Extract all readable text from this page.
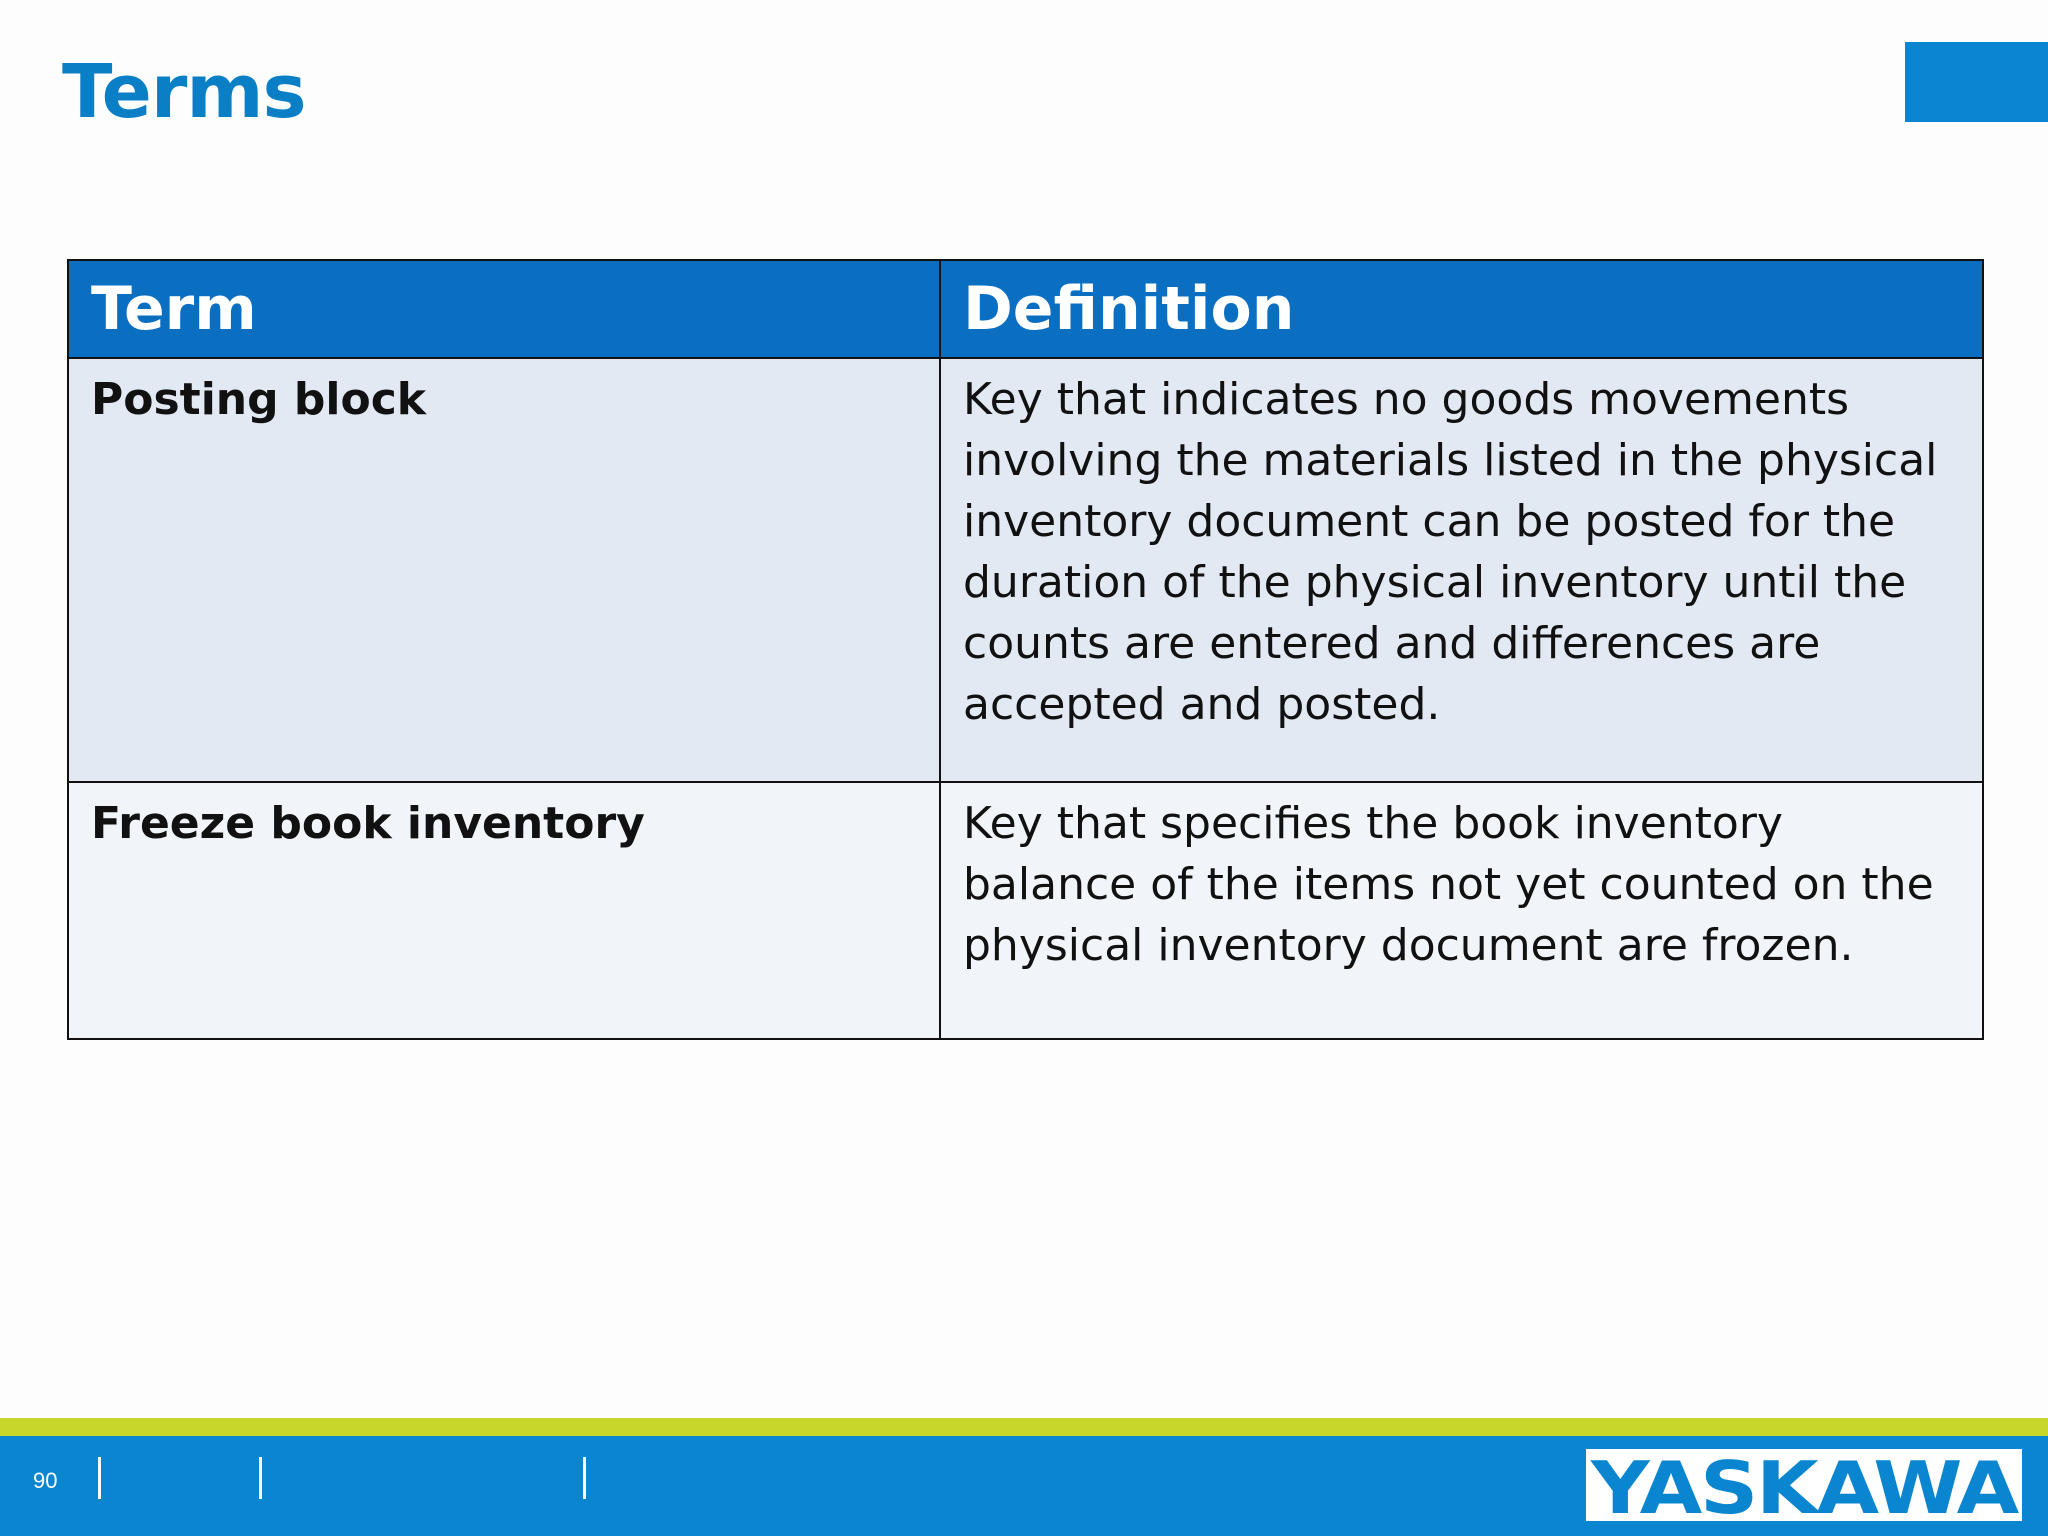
Terms
Term	Definition
Posting block	Key that indicates no goods movements involving the materials listed in the physical inventory document can be posted for the duration of the physical inventory until the counts are entered and differences are accepted and posted.
Freeze book inventory	Key that specifies the book inventory balance of the items not yet counted on the physical inventory document are frozen.
90	YASKAWA
